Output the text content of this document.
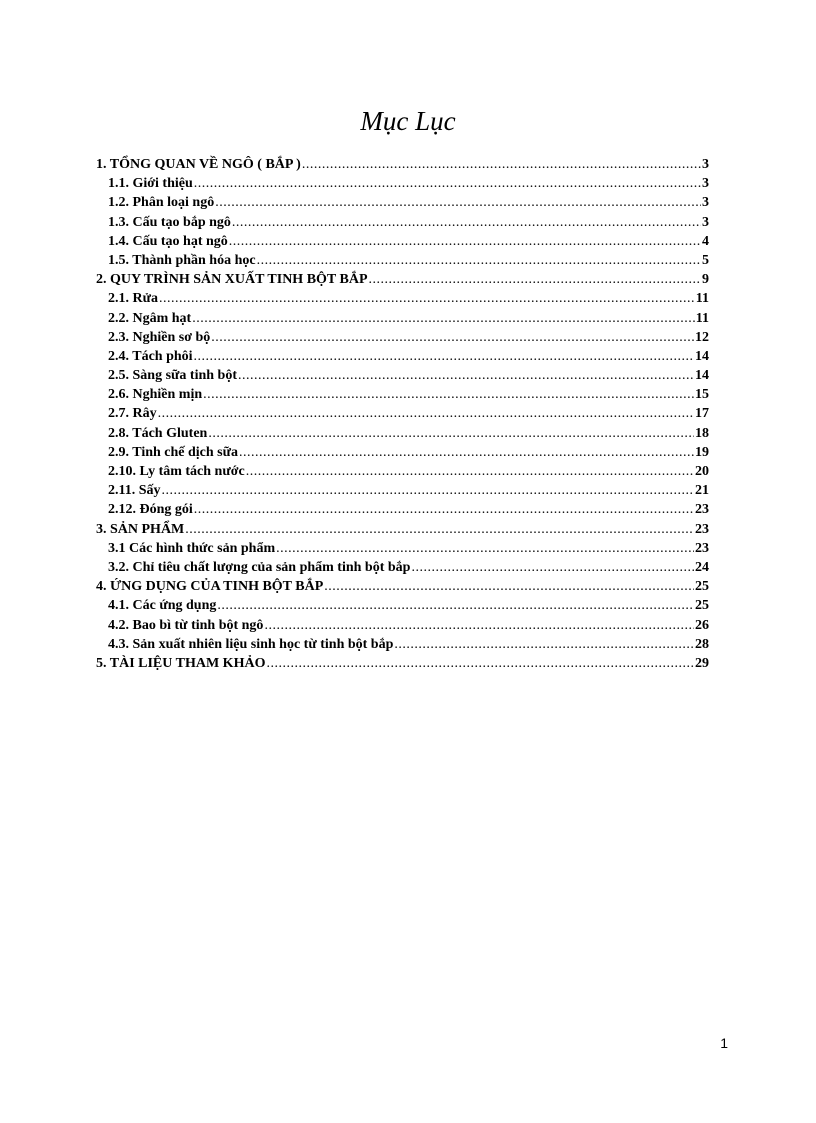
Mục Lục
1. TỔNG QUAN VỀ NGÔ ( BẮP ) .....	3
1.1. Giới thiệu .....	3
1.2. Phân loại ngô .....	3
1.3. Cấu tạo bắp ngô .....	3
1.4. Cấu tạo hạt ngô .....	4
1.5. Thành phần hóa học .....	5
2. QUY TRÌNH SẢN XUẤT TINH BỘT BẮP .....	9
2.1. Rửa .....	11
2.2. Ngâm hạt .....	11
2.3. Nghiền sơ bộ .....	12
2.4. Tách phôi .....	14
2.5. Sàng sữa tinh bột .....	14
2.6. Nghiền mịn .....	15
2.7. Rây .....	17
2.8. Tách Gluten .....	18
2.9. Tinh chế dịch sữa .....	19
2.10. Ly tâm tách nước .....	20
2.11. Sấy .....	21
2.12. Đóng gói .....	23
3. SẢN PHẨM .....	23
3.1 Các hình thức sản phẩm .....	23
3.2. Chỉ tiêu chất lượng của sản phẩm tinh bột bắp .....	24
4. ỨNG DỤNG CỦA TINH BỘT BẮP .....	25
4.1. Các ứng dụng .....	25
4.2. Bao bì từ tinh bột ngô .....	26
4.3. Sản xuất nhiên liệu sinh học từ tinh bột bắp .....	28
5. TÀI LIỆU THAM KHẢO .....	29
1
